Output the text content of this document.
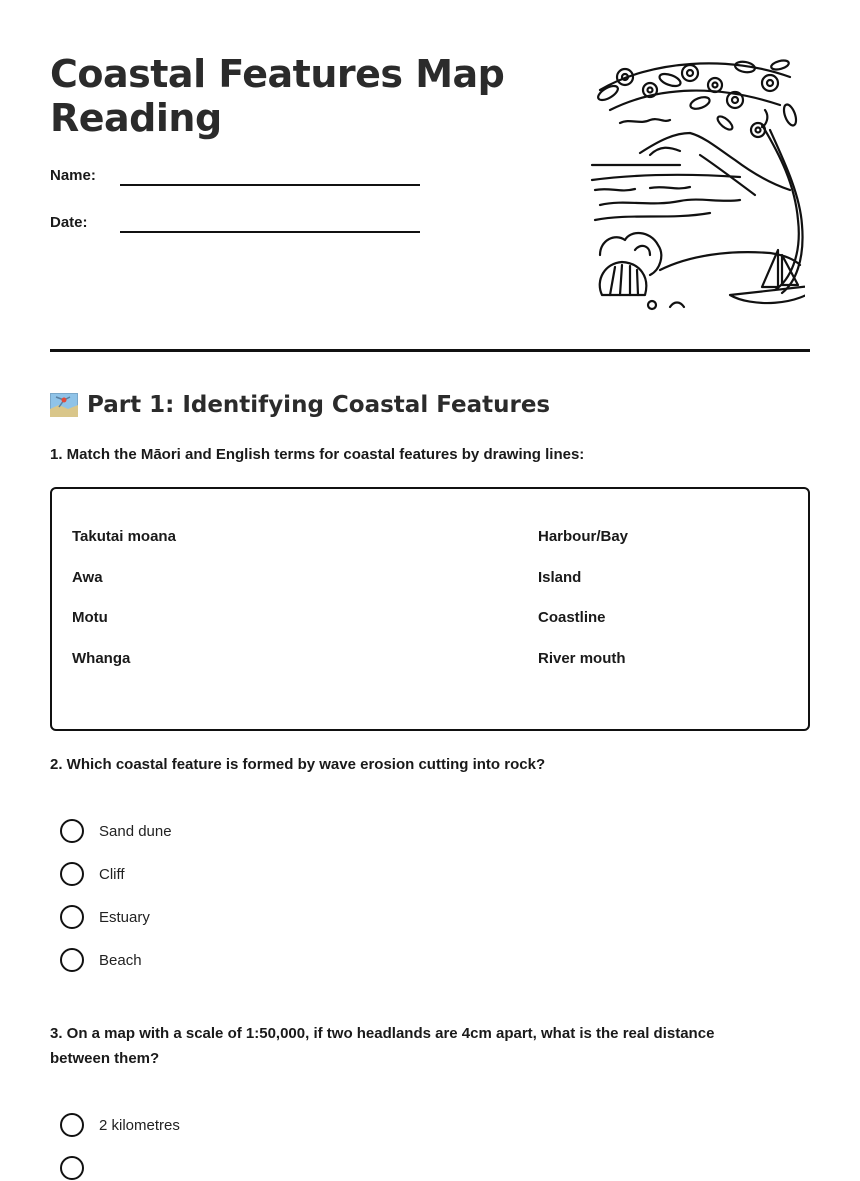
Coastal Features Map Reading
Name:
Date:
Part 1: Identifying Coastal Features

1. Match the Māori and English terms for coastal features by drawing lines:

Takutai moana
Awa
Motu
Whanga
Harbour/Bay
Island
Coastline
River mouth

2. Which coastal feature is formed by wave erosion cutting into rock?

Sand dune
Cliff
Estuary
Beach

3. On a map with a scale of 1:50,000, if two headlands are 4cm apart, what is the real distance between them?

2 kilometres
